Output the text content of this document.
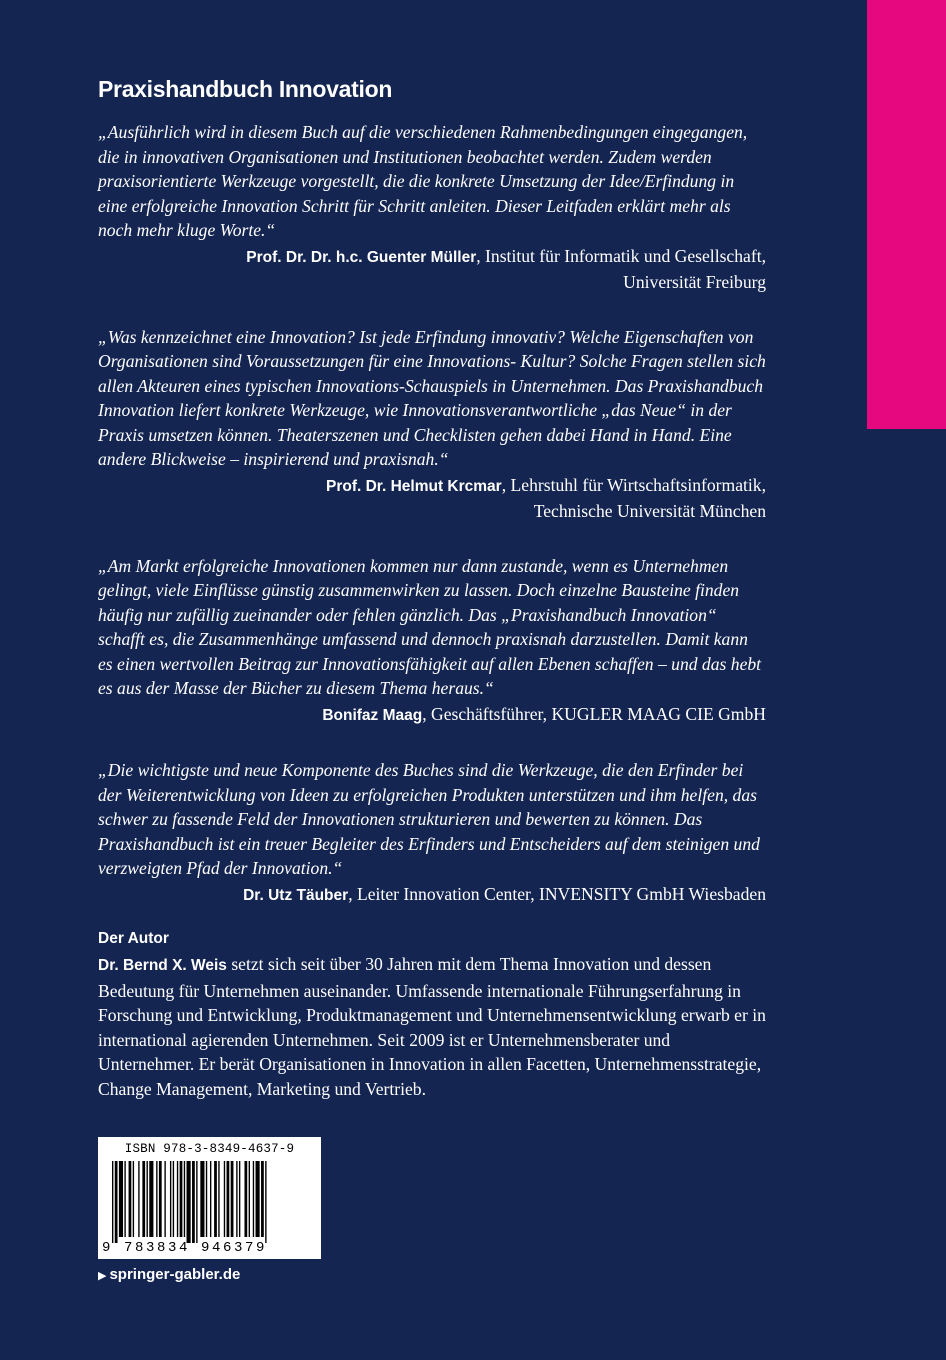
Praxishandbuch Innovation

„Ausführlich wird in diesem Buch auf die verschiedenen Rahmenbedingungen eingegangen, die in innovativen Organisationen und Institutionen beobachtet werden. Zudem werden praxisorientierte Werkzeuge vorgestellt, die die konkrete Umsetzung der Idee/Erfindung in eine erfolgreiche Innovation Schritt für Schritt anleiten. Dieser Leitfaden erklärt mehr als noch mehr kluge Worte.“

Prof. Dr. Dr. h.c. Guenter Müller, Institut für Informatik und Gesellschaft,
Universität Freiburg

„Was kennzeichnet eine Innovation? Ist jede Erfindung innovativ? Welche Eigenschaften von Organisationen sind Voraussetzungen für eine Innovations- Kultur? Solche Fragen stellen sich allen Akteuren eines typischen Innovations-Schauspiels in Unternehmen. Das Praxishandbuch Innovation liefert konkrete Werkzeuge, wie Innovationsverantwortliche „das Neue“ in der Praxis umsetzen können. Theaterszenen und Checklisten gehen dabei Hand in Hand. Eine andere Blickweise – inspirierend und praxisnah.“

Prof. Dr. Helmut Krcmar, Lehrstuhl für Wirtschaftsinformatik,
Technische Universität München

„Am Markt erfolgreiche Innovationen kommen nur dann zustande, wenn es Unternehmen gelingt, viele Einflüsse günstig zusammenwirken zu lassen. Doch einzelne Bausteine finden häufig nur zufällig zueinander oder fehlen gänzlich. Das „Praxishandbuch Innovation“ schafft es, die Zusammenhänge umfassend und dennoch praxisnah darzustellen. Damit kann es einen wertvollen Beitrag zur Innovationsfähigkeit auf allen Ebenen schaffen – und das hebt es aus der Masse der Bücher zu diesem Thema heraus.“

Bonifaz Maag, Geschäftsführer, KUGLER MAAG CIE GmbH

„Die wichtigste und neue Komponente des Buches sind die Werkzeuge, die den Erfinder bei der Weiterentwicklung von Ideen zu erfolgreichen Produkten unterstützen und ihm helfen, das schwer zu fassende Feld der Innovationen strukturieren und bewerten zu können. Das Praxishandbuch ist ein treuer Begleiter des Erfinders und Entscheiders auf dem steinigen und verzweigten Pfad der Innovation.“

Dr. Utz Täuber, Leiter Innovation Center, INVENSITY GmbH Wiesbaden

Der Autor

Dr. Bernd X. Weis setzt sich seit über 30 Jahren mit dem Thema Innovation und dessen Bedeutung für Unternehmen auseinander. Umfassende internationale Führungserfahrung in Forschung und Entwicklung, Produktmanagement und Unternehmensentwicklung erwarb er in international agierenden Unternehmen. Seit 2009 ist er Unternehmensberater und Unternehmer. Er berät Organisationen in Innovation in allen Facetten, Unternehmensstrategie, Change Management, Marketing und Vertrieb.

ISBN 978-3-8349-4637-9
9 783834 946379
▶ springer-gabler.de
